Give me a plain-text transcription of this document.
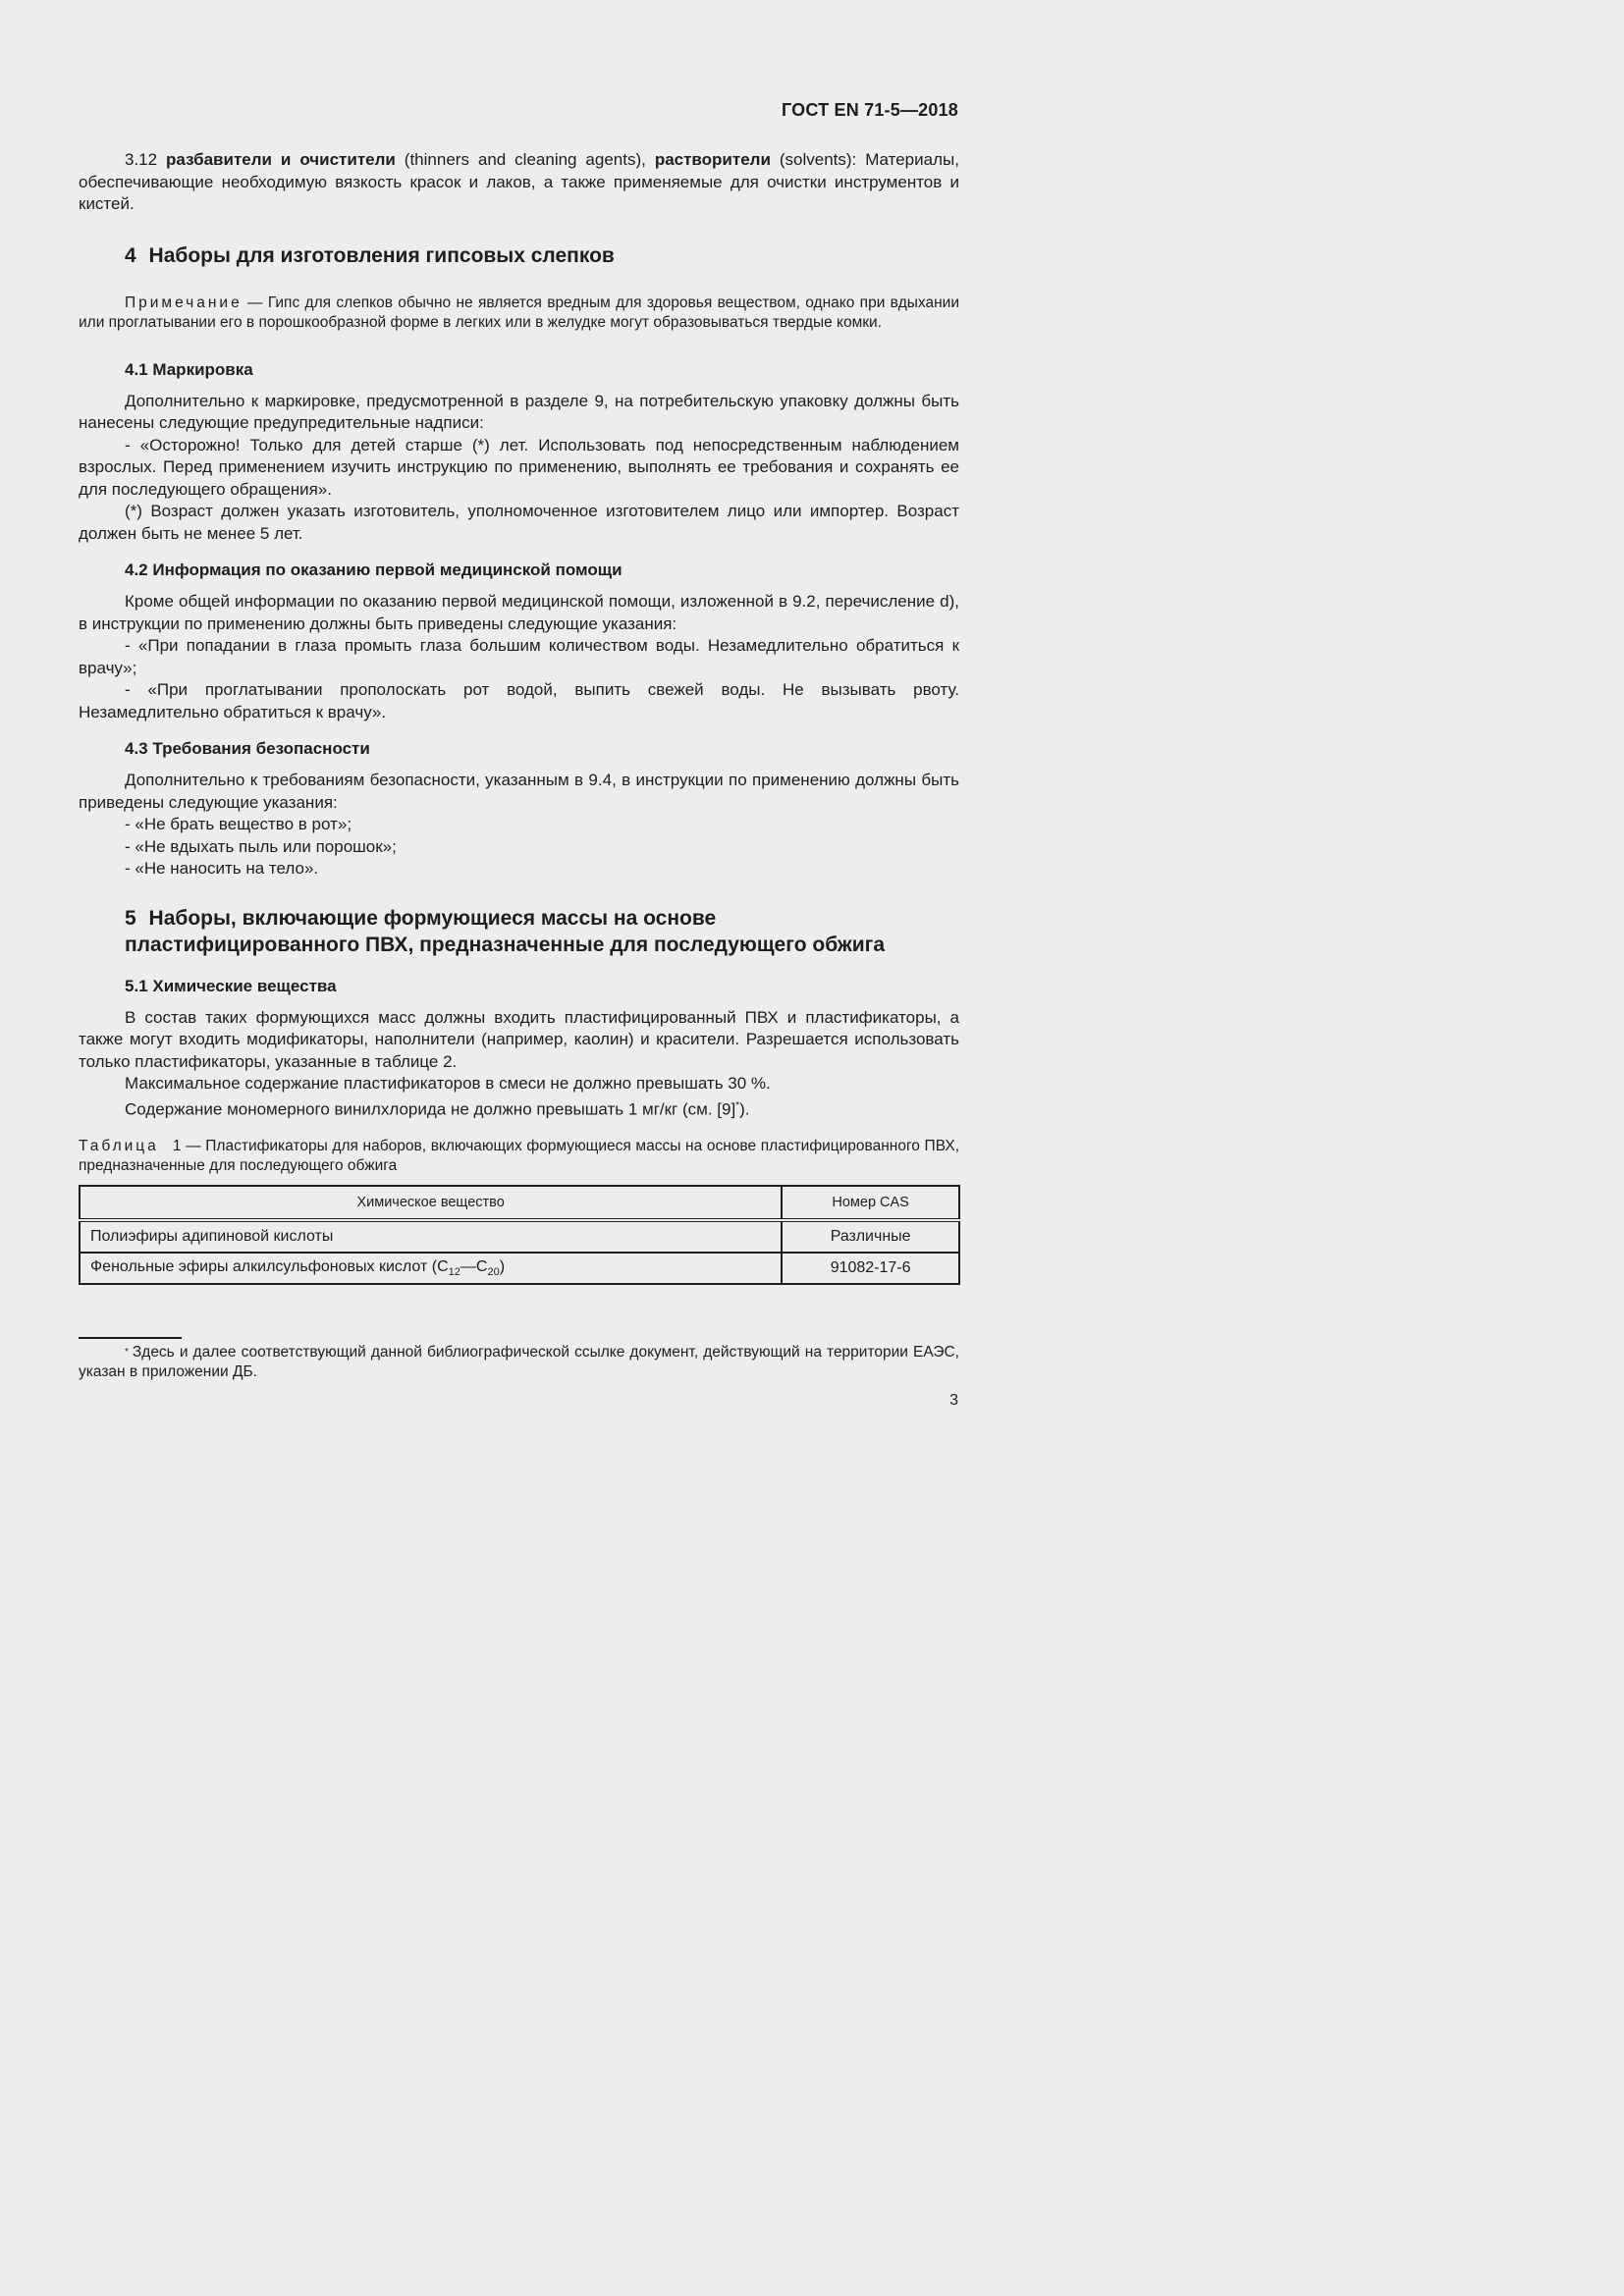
ГОСТ EN 71-5—2018

3.12 разбавители и очистители (thinners and cleaning agents), растворители (solvents): Материалы, обеспечивающие необходимую вязкость красок и лаков, а также применяемые для очистки инструментов и кистей.

4 Наборы для изготовления гипсовых слепков

Примечание — Гипс для слепков обычно не является вредным для здоровья веществом, однако при вдыхании или проглатывании его в порошкообразной форме в легких или в желудке могут образовываться твердые комки.

4.1 Маркировка

Дополнительно к маркировке, предусмотренной в разделе 9, на потребительскую упаковку должны быть нанесены следующие предупредительные надписи:

- «Осторожно! Только для детей старше (*) лет. Использовать под непосредственным наблюдением взрослых. Перед применением изучить инструкцию по применению, выполнять ее требования и сохранять ее для последующего обращения».

(*) Возраст должен указать изготовитель, уполномоченное изготовителем лицо или импортер. Возраст должен быть не менее 5 лет.

4.2 Информация по оказанию первой медицинской помощи

Кроме общей информации по оказанию первой медицинской помощи, изложенной в 9.2, перечисление d), в инструкции по применению должны быть приведены следующие указания:

- «При попадании в глаза промыть глаза большим количеством воды. Незамедлительно обратиться к врачу»;

- «При проглатывании прополоскать рот водой, выпить свежей воды. Не вызывать рвоту. Незамедлительно обратиться к врачу».

4.3 Требования безопасности

Дополнительно к требованиям безопасности, указанным в 9.4, в инструкции по применению должны быть приведены следующие указания:

- «Не брать вещество в рот»;

- «Не вдыхать пыль или порошок»;

- «Не наносить на тело».

5 Наборы, включающие формующиеся массы на основе
пластифицированного ПВХ, предназначенные для последующего обжига
5.1 Химические вещества

В состав таких формующихся масс должны входить пластифицированный ПВХ и пластификаторы, а также могут входить модификаторы, наполнители (например, каолин) и красители. Разрешается использовать только пластификаторы, указанные в таблице 2.

Максимальное содержание пластификаторов в смеси не должно превышать 30 %.

Содержание мономерного винилхлорида не должно превышать 1 мг/кг (см. [9]*).

Таблица 1 — Пластификаторы для наборов, включающих формующиеся массы на основе пластифицированного ПВХ, предназначенные для последующего обжига

Химическое вещество	Номер CAS
Полиэфиры адипиновой кислоты	Различные
Фенольные эфиры алкилсульфоновых кислот $(С_{12}—С_{20})$	91082-17-6
* Здесь и далее соответствующий данной библиографической ссылке документ, действующий на территории ЕАЭС, указан в приложении ДБ.
3
